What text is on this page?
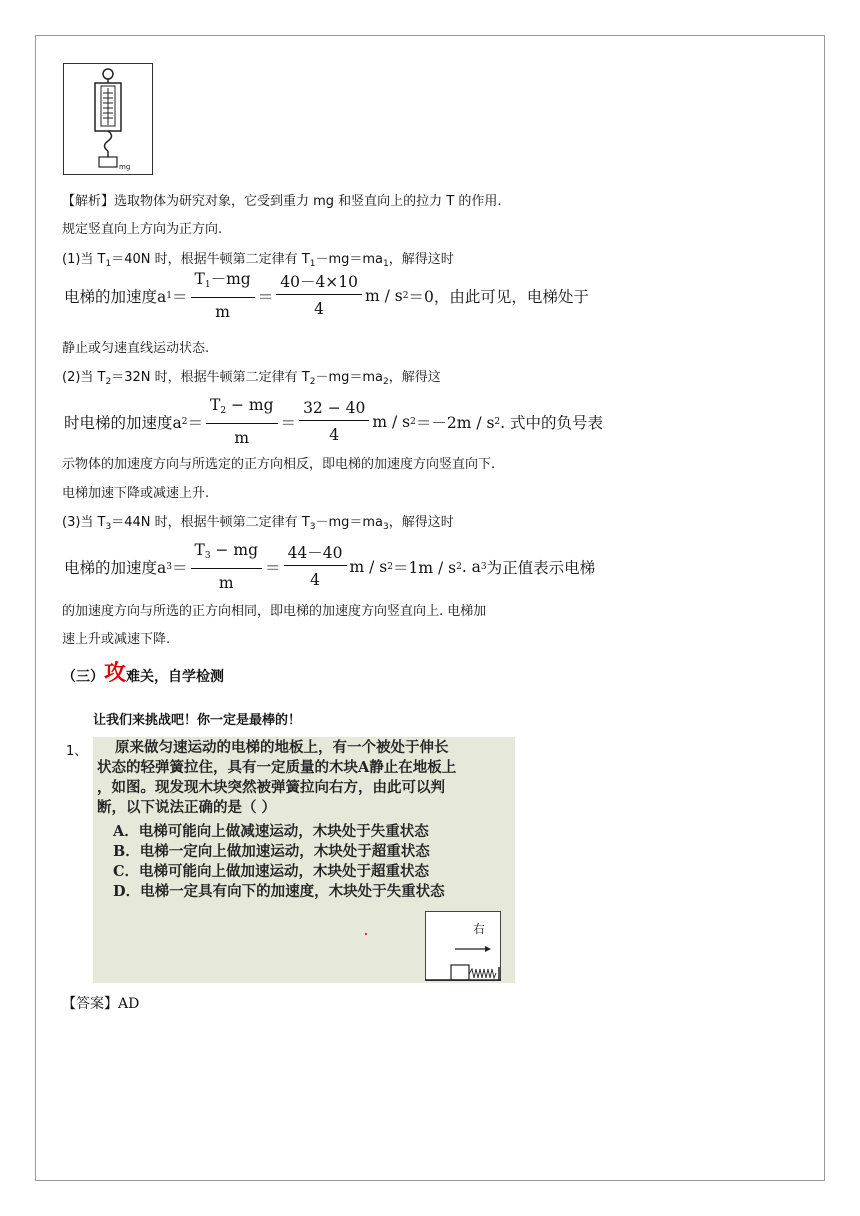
mg
【解析】选取物体为研究对象，它受到重力 mg 和竖直向上的拉力 T 的作用.
规定竖直向上方向为正方向.
(1)当 $T_1=40N$ 时，根据牛顿第二定律有 $T_1-mg=ma_1$，解得这时
电梯的加速度a $1 = \frac{T_1-mg}{m} = \frac{40-4\times 10}{4}$ m / s 2 ＝0，由此可见，电梯处于
静止或匀速直线运动状态.
(2)当 $T_2=32N$ 时，根据牛顿第二定律有 $T_2-mg=ma_2$，解得这
时电梯的加速度a $2 = \frac{T_2 - mg}{m} = \frac{32 - 40}{4}$ m / s 2 ＝－2m / s 2 . 式中的负号表
示物体的加速度方向与所选定的正方向相反，即电梯的加速度方向竖直向下.
电梯加速下降或减速上升.
(3)当 $T_3=44N$ 时，根据牛顿第二定律有 $T_3-mg=ma_3$，解得这时
电梯的加速度a $3 = \frac{T_3 - mg}{m} = \frac{44-40}{4}$ m / s 2 ＝1m / s 2 . a 3 为正值表示电梯
的加速度方向与所选的正方向相同，即电梯的加速度方向竖直向上. 电梯加
速上升或减速下降.
（三） 攻 难关，自学检测
让我们来挑战吧！你一定是最棒的！
1、 原来做匀速运动的电梯的地板上，有一个被处于伸长
状态的轻弹簧拉住，具有一定质量的木块A静止在地板上
，如图。现发现木块突然被弹簧拉向右方，由此可以判
断，以下说法正确的是（ ）
A．电梯可能向上做减速运动，木块处于失重状态
B．电梯一定向上做加速运动，木块处于超重状态
C．电梯可能向上做加速运动，木块处于超重状态
D．电梯一定具有向下的加速度，木块处于失重状态
右
【答案】AD
